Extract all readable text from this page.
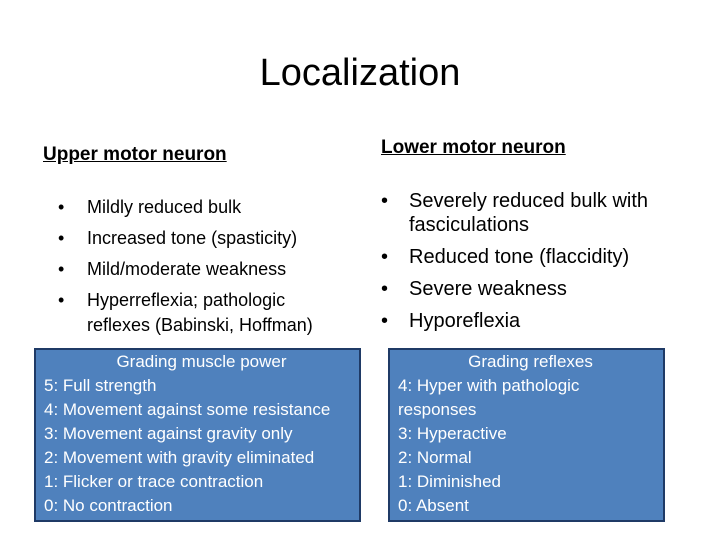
Localization
Upper motor neuron	Lower motor neuron
• Mildly reduced bulk
• Increased tone (spasticity)
• Mild/moderate weakness
• Hyperreflexia; pathologic
reflexes (Babinski, Hoffman)
• Severely reduced bulk with fasciculations
• Reduced tone (flaccidity)
• Severe weakness
• Hyporeflexia
Grading muscle power
5: Full strength
4: Movement against some resistance
3: Movement against gravity only
2: Movement with gravity eliminated
1: Flicker or trace contraction
0: No contraction
Grading reflexes
4: Hyper with pathologic
responses
3: Hyperactive
2: Normal
1: Diminished
0: Absent
